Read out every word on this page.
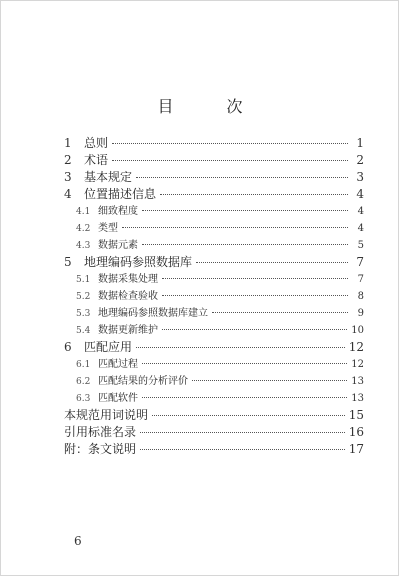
目 次
1	总则	1
2	术语	2
3	基本规定	3
4	位置描述信息	4
4.1 细致程度	4
4.2 类型	4
4.3 数据元素	5
5	地理编码参照数据库	7
5.1 数据采集处理	7
5.2 数据检查验收	8
5.3 地理编码参照数据库建立	9
5.4 数据更新维护	10
6	匹配应用	12
6.1 匹配过程	12
6.2 匹配结果的分析评价	13
6.3 匹配软件	13
本规范用词说明	15
引用标准名录	16
附：条文说明	17
6
